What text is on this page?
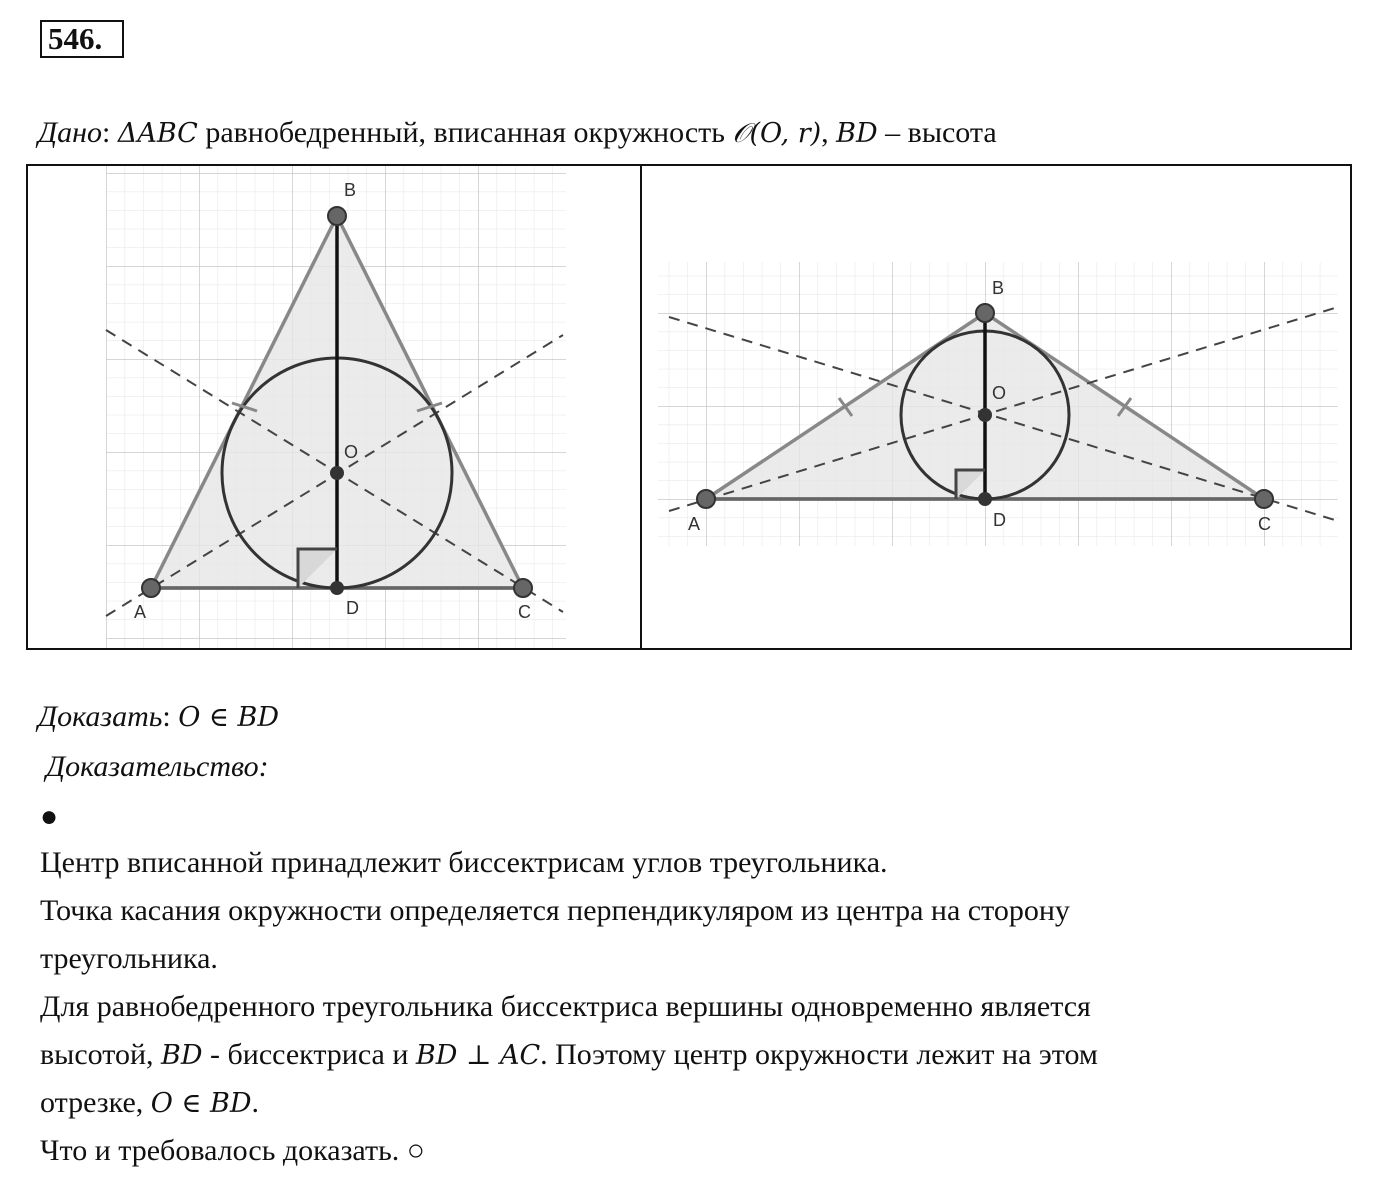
546.
Дано: ΔABC равнобедренный, вписанная окружность 𝒪(O, r), BD – высота
A
B
C
D
O
A
B
C
D
O
Доказать: O ∈ BD
Доказательство:
●
Центр вписанной принадлежит биссектрисам углов треугольника.
Точка касания окружности определяется перпендикуляром из центра на сторону
треугольника.
Для равнобедренного треугольника биссектриса вершины одновременно является
высотой, BD - биссектриса и BD ⊥ AC. Поэтому центр окружности лежит на этом
отрезке, O ∈ BD.
Что и требовалось доказать. ○
